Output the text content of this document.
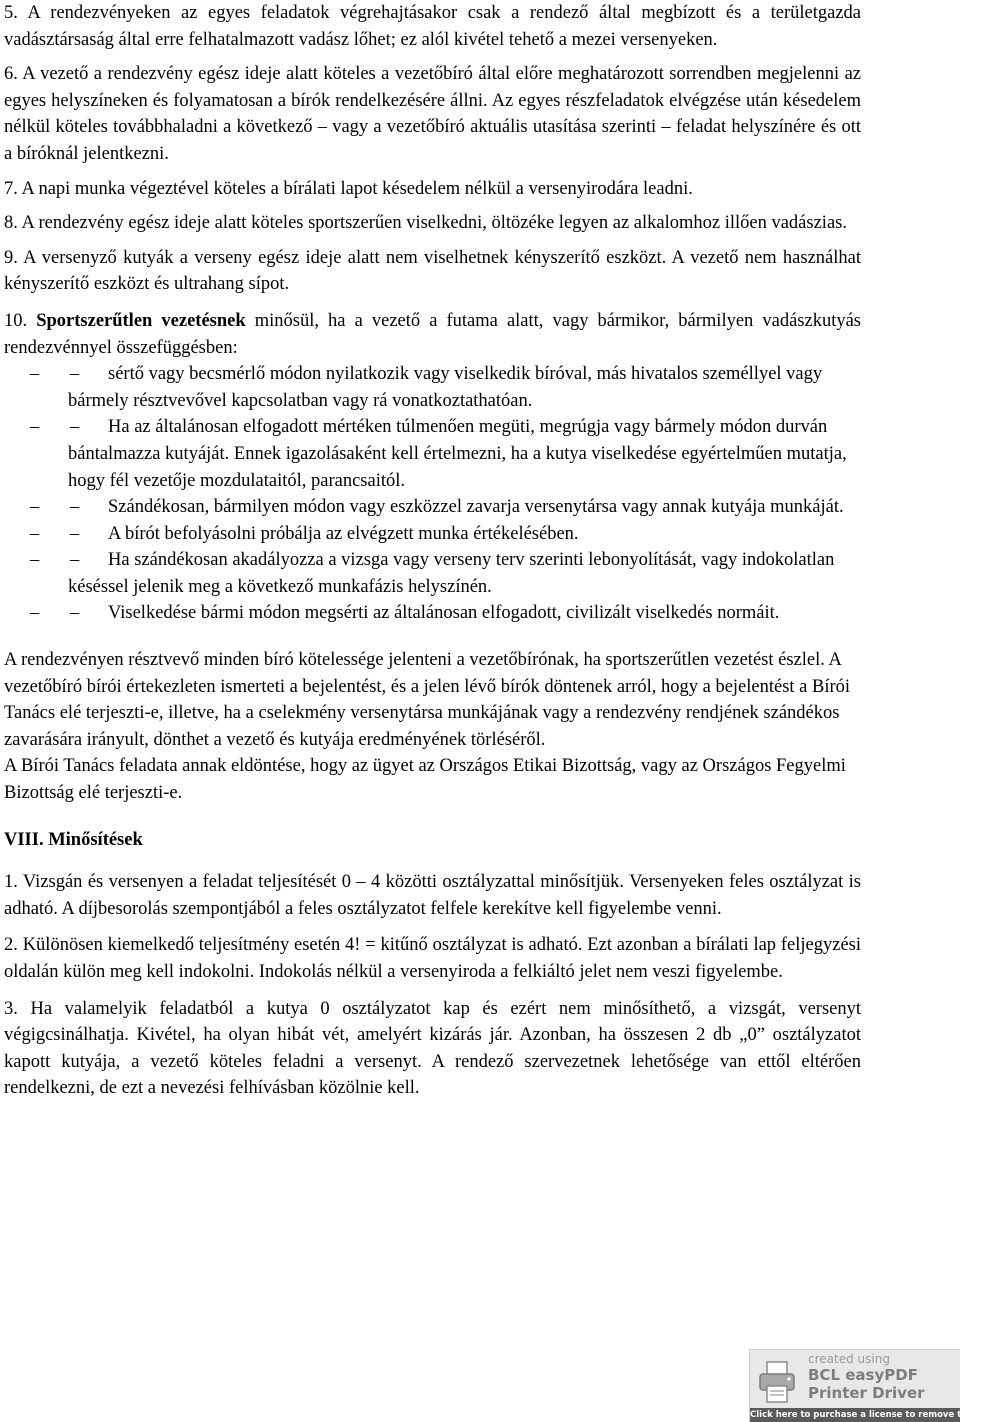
5. A rendezvényeken az egyes feladatok végrehajtásakor csak a rendező által megbízott és a területgazda vadásztársaság által erre felhatalmazott vadász lőhet; ez alól kivétel tehető a mezei versenyeken.

6. A vezető a rendezvény egész ideje alatt köteles a vezetőbíró által előre meghatározott sorrendben megjelenni az egyes helyszíneken és folyamatosan a bírók rendelkezésére állni. Az egyes részfeladatok elvégzése után késedelem nélkül köteles továbbhaladni a következő – vagy a vezetőbíró aktuális utasítása szerinti – feladat helyszínére és ott a bíróknál jelentkezni.

7. A napi munka végeztével köteles a bírálati lapot késedelem nélkül a versenyirodára leadni.

8. A rendezvény egész ideje alatt köteles sportszerűen viselkedni, öltözéke legyen az alkalomhoz illően vadászias.

9. A versenyző kutyák a verseny egész ideje alatt nem viselhetnek kényszerítő eszközt. A vezető nem használhat kényszerítő eszközt és ultrahang sípot.

10. Sportszerűtlen vezetésnek minősül, ha a vezető a futama alatt, vagy bármikor, bármilyen vadászkutyás rendezvénnyel összefüggésben:

– – sértő vagy becsmérlő módon nyilatkozik vagy viselkedik bíróval, más hivatalos személlyel vagy bármely résztvevővel kapcsolatban vagy rá vonatkoztathatóan.
– – Ha az általánosan elfogadott mértéken túlmenően megüti, megrúgja vagy bármely módon durván bántalmazza kutyáját. Ennek igazolásaként kell értelmezni, ha a kutya viselkedése egyértelműen mutatja, hogy fél vezetője mozdulataitól, parancsaitól.
– – Szándékosan, bármilyen módon vagy eszközzel zavarja versenytársa vagy annak kutyája munkáját.
– – A bírót befolyásolni próbálja az elvégzett munka értékelésében.
– – Ha szándékosan akadályozza a vizsga vagy verseny terv szerinti lebonyolítását, vagy indokolatlan késéssel jelenik meg a következő munkafázis helyszínén.
– – Viselkedése bármi módon megsérti az általánosan elfogadott, civilizált viselkedés normáit.

A rendezvényen résztvevő minden bíró kötelessége jelenteni a vezetőbírónak, ha sportszerűtlen vezetést észlel. A vezetőbíró bírói értekezleten ismerteti a bejelentést, és a jelen lévő bírók döntenek arról, hogy a bejelentést a Bírói Tanács elé terjeszti-e, illetve, ha a cselekmény versenytársa munkájának vagy a rendezvény rendjének szándékos zavarására irányult, dönthet a vezető és kutyája eredményének törléséről.

A Bírói Tanács feladata annak eldöntése, hogy az ügyet az Országos Etikai Bizottság, vagy az Országos Fegyelmi Bizottság elé terjeszti-e.

VIII. Minősítések

1. Vizsgán és versenyen a feladat teljesítését 0 – 4 közötti osztályzattal minősítjük. Versenyeken feles osztályzat is adható. A díjbesorolás szempontjából a feles osztályzatot felfele kerekítve kell figyelembe venni.

2. Különösen kiemelkedő teljesítmény esetén 4! = kitűnő osztályzat is adható. Ezt azonban a bírálati lap feljegyzési oldalán külön meg kell indokolni. Indokolás nélkül a versenyiroda a felkiáltó jelet nem veszi figyelembe.

3. Ha valamelyik feladatból a kutya 0 osztályzatot kap és ezért nem minősíthető, a vizsgát, versenyt végigcsinálhatja. Kivétel, ha olyan hibát vét, amelyért kizárás jár. Azonban, ha összesen 2 db „0” osztályzatot kapott kutyája, a vezető köteles feladni a versenyt. A rendező szervezetnek lehetősége van ettől eltérően rendelkezni, de ezt a nevezési felhívásban közölnie kell.

created using
BCL easyPDF
Printer Driver
Click here to purchase a license to remove this image
